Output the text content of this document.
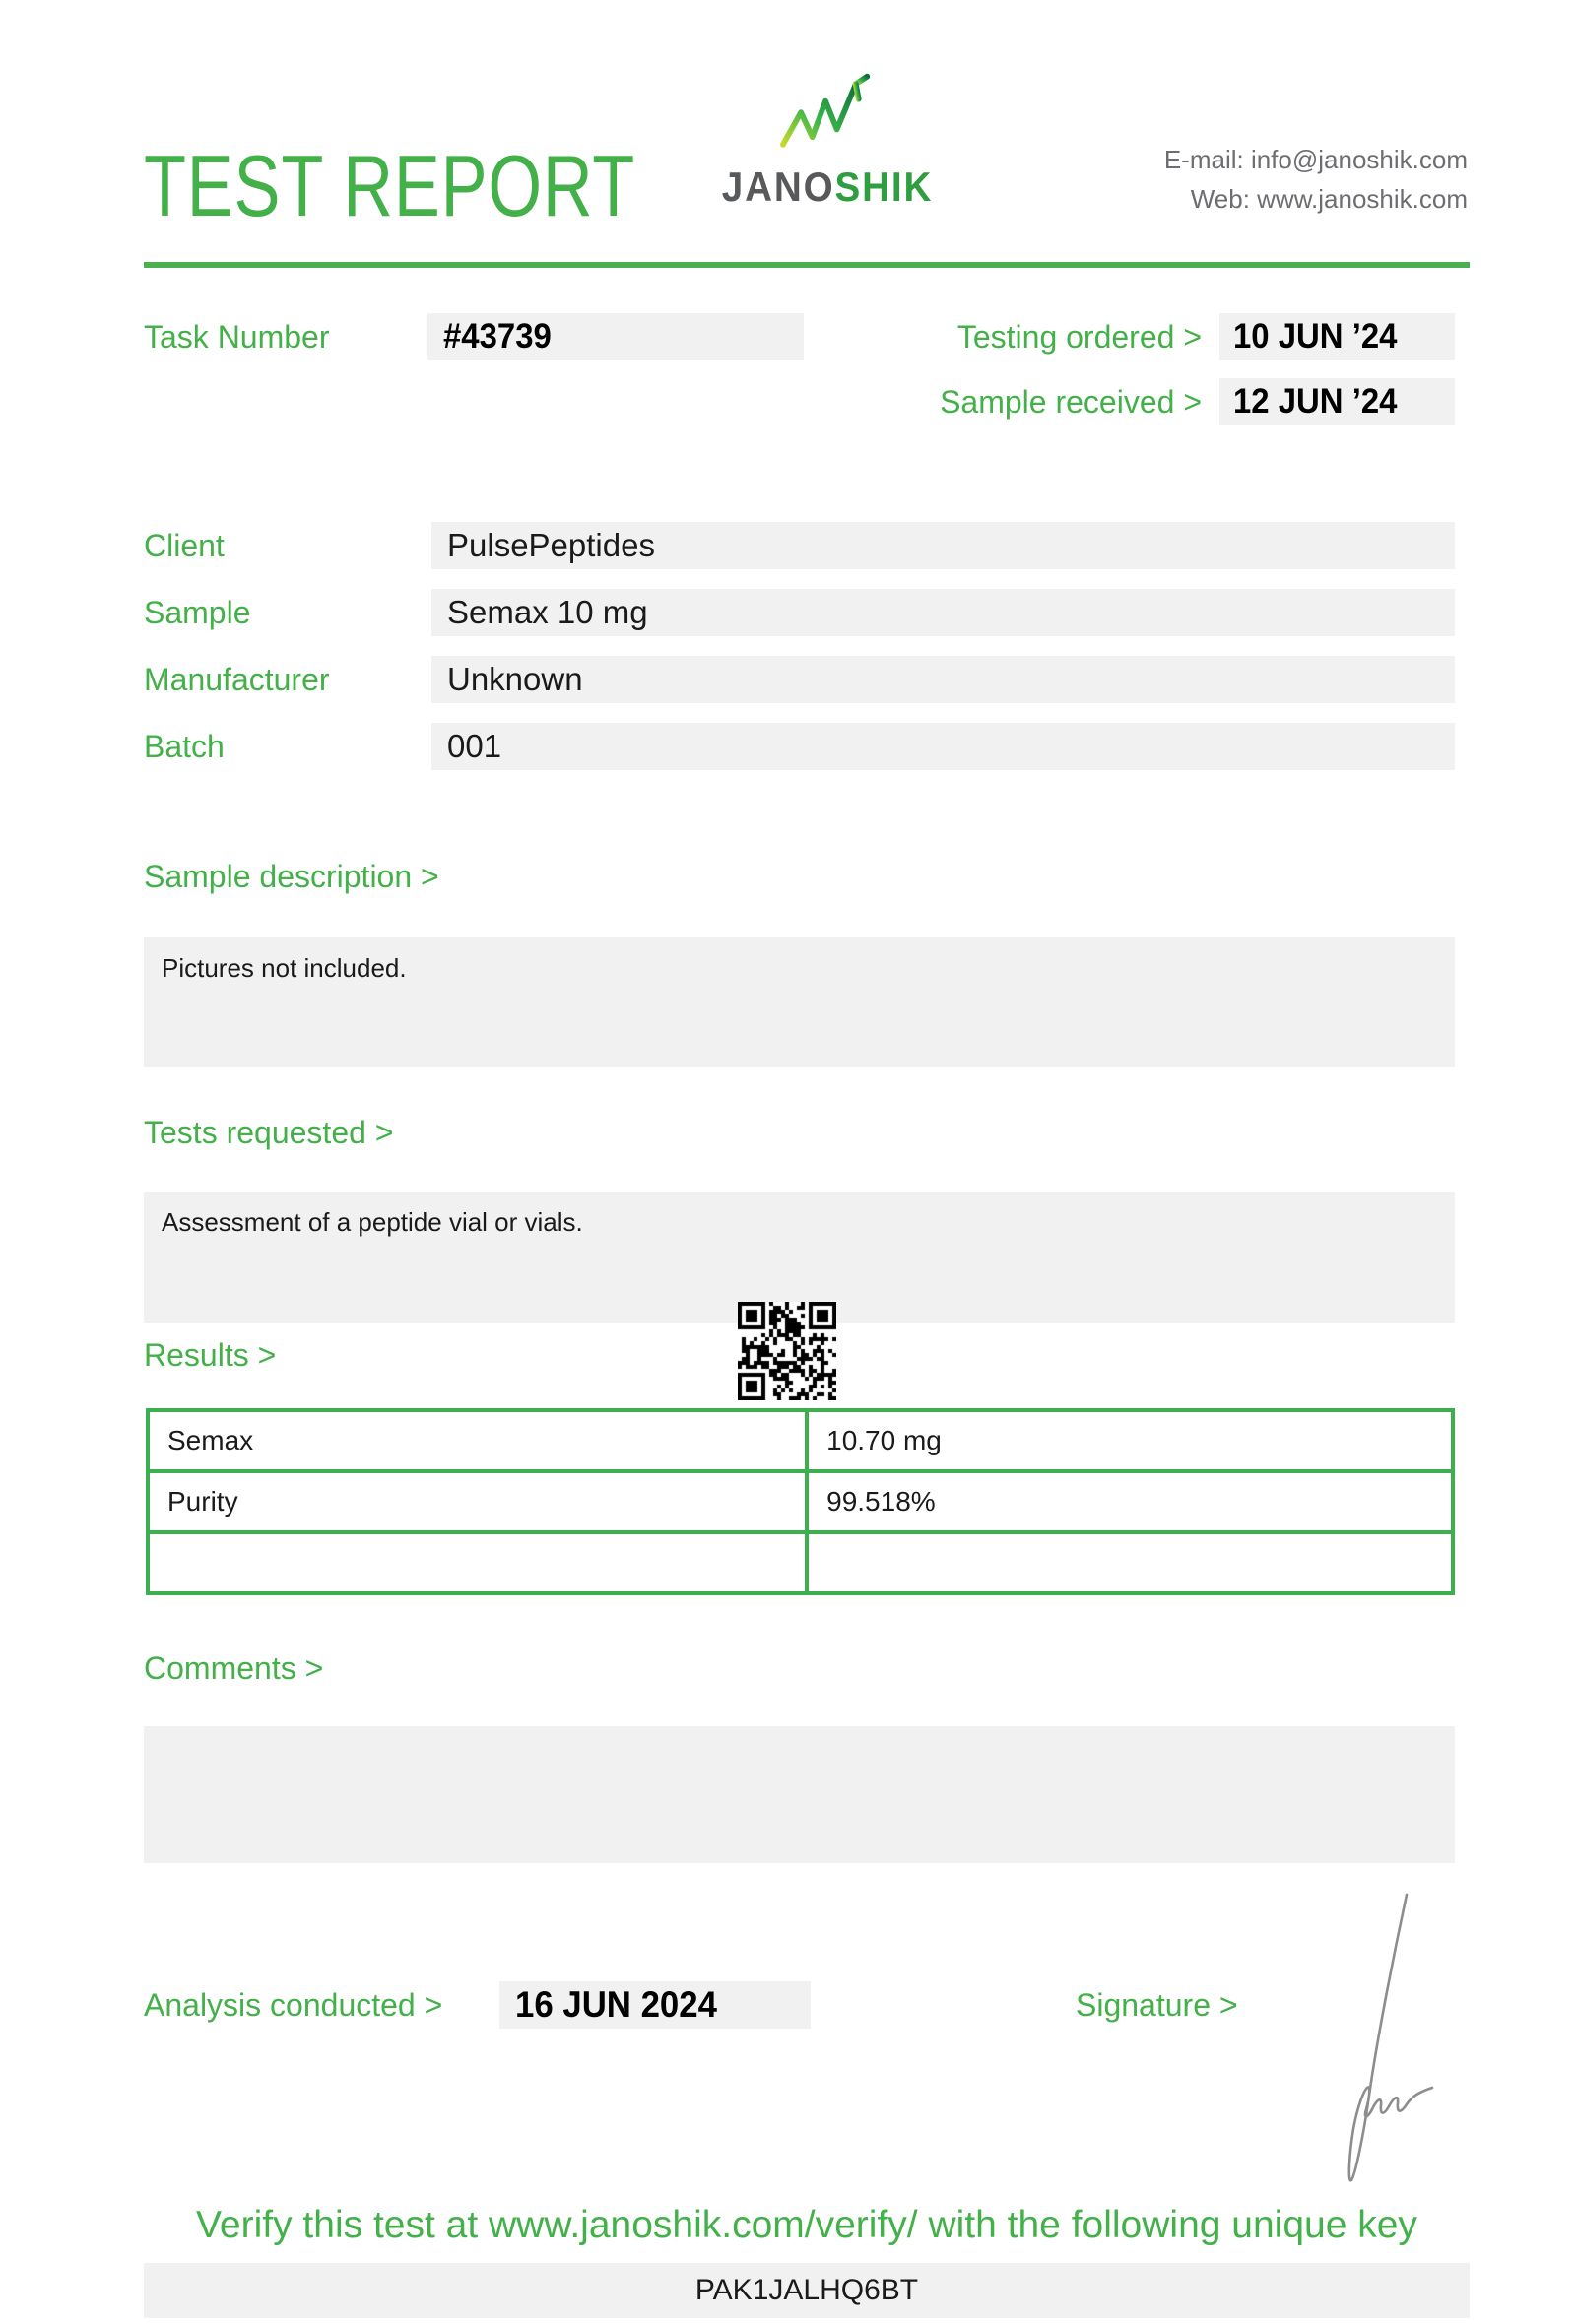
TEST REPORT	JANOSHIK
E-mail: info@janoshik.com
Web: www.janoshik.com
Task Number	#43739	Testing ordered > 10 JUN ’24
Sample received > 12 JUN ’24
Client	PulsePeptides
Sample	Semax 10 mg
Manufacturer	Unknown
Batch	001
Sample description >
Pictures not included.
Tests requested >
Assessment of a peptide vial or vials.
Results >
Semax	10.70 mg
Purity	99.518%

Comments >
Analysis conducted > 16 JUN 2024	Signature >
Verify this test at www.janoshik.com/verify/ with the following unique key
PAK1JALHQ6BT
